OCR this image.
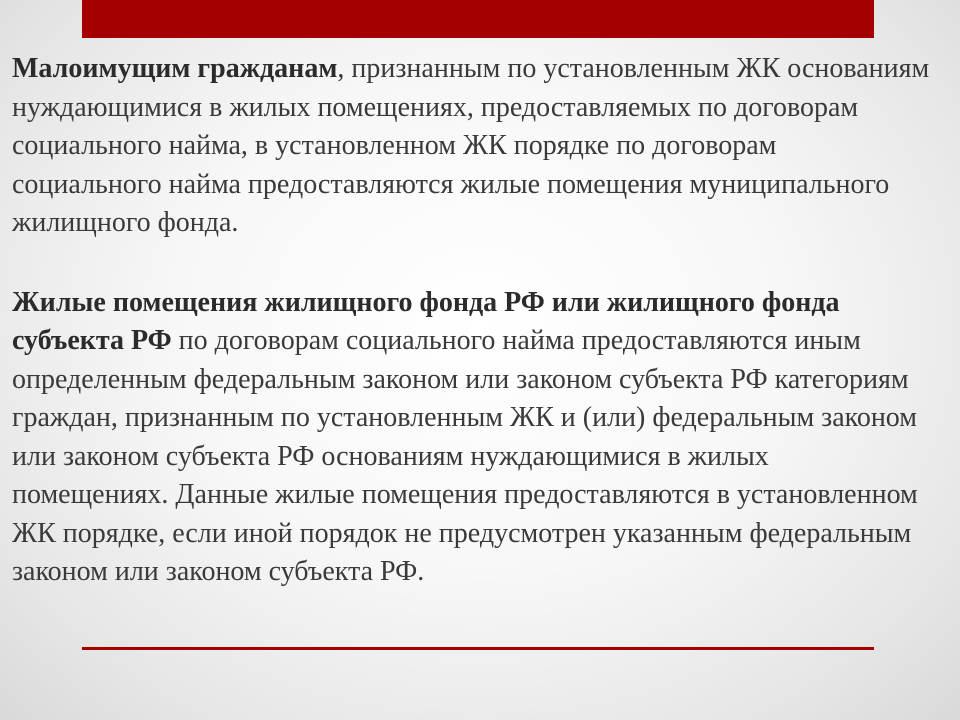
Малоимущим гражданам, признанным по установленным ЖК основаниям нуждающимися в жилых помещениях, предоставляемых по договорам социального найма, в установленном ЖК порядке по договорам социального найма предоставляются жилые помещения муниципального жилищного фонда.

Жилые помещения жилищного фонда РФ или жилищного фонда субъекта РФ по договорам социального найма предоставляются иным определенным федеральным законом или законом субъекта РФ категориям граждан, признанным по установленным ЖК и (или) федеральным законом или законом субъекта РФ основаниям нуждающимися в жилых помещениях. Данные жилые помещения предоставляются в установленном ЖК порядке, если иной порядок не предусмотрен указанным федеральным законом или законом субъекта РФ.
